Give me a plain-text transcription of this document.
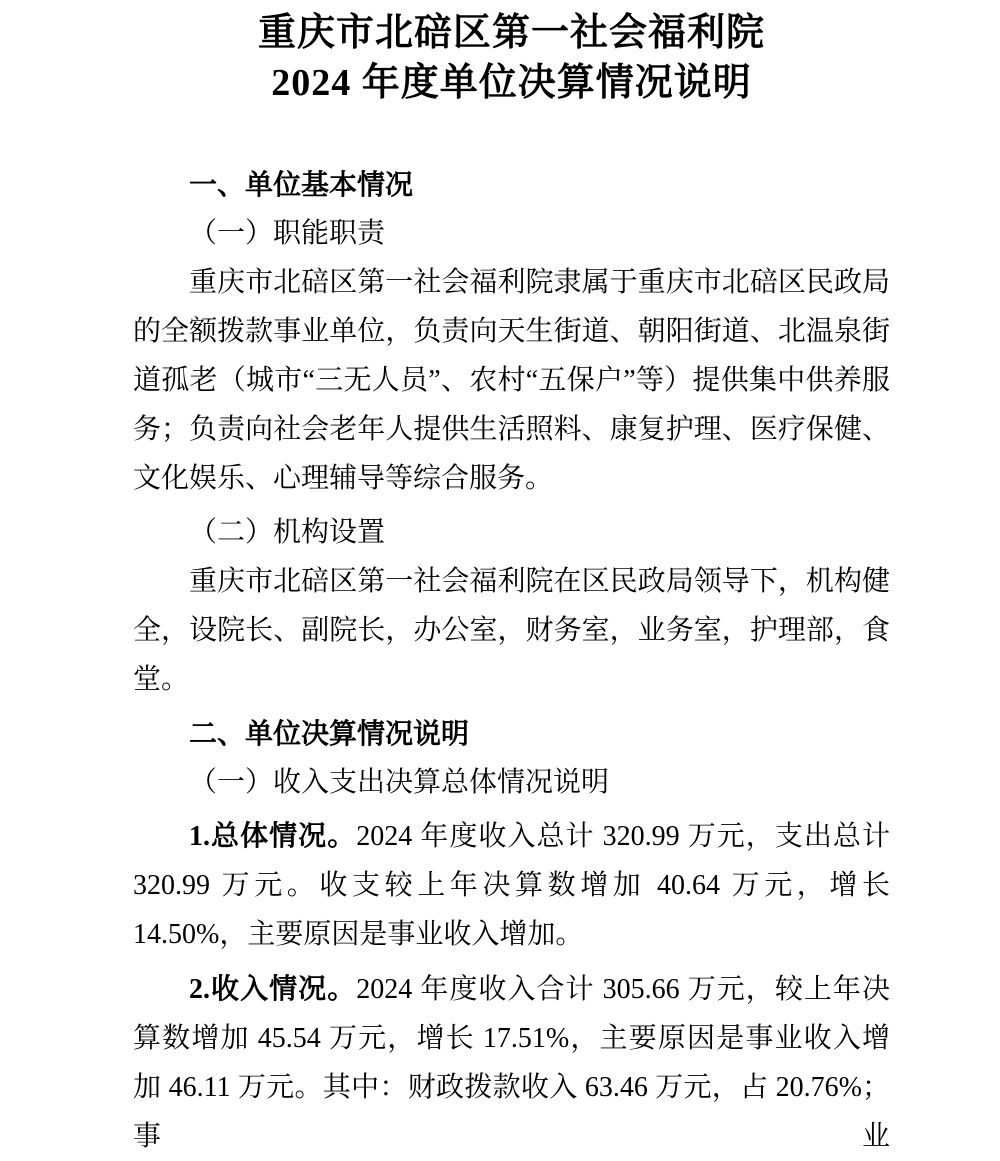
重庆市北碚区第一社会福利院
2024 年度单位决算情况说明
一、单位基本情况

（一）职能职责

重庆市北碚区第一社会福利院隶属于重庆市北碚区民政局的全额拨款事业单位，负责向天生街道、朝阳街道、北温泉街道孤老（城市“三无人员”、农村“五保户”等）提供集中供养服务；负责向社会老年人提供生活照料、康复护理、医疗保健、文化娱乐、心理辅导等综合服务。

（二）机构设置

重庆市北碚区第一社会福利院在区民政局领导下，机构健全，设院长、副院长，办公室，财务室，业务室，护理部，食堂。

二、单位决算情况说明

（一）收入支出决算总体情况说明

1.总体情况。2024 年度收入总计 320.99 万元，支出总计 320.99 万元。收支较上年决算数增加 40.64 万元，增长 14.50%，主要原因是事业收入增加。

2.收入情况。2024 年度收入合计 305.66 万元，较上年决算数增加 45.54 万元，增长 17.51%，主要原因是事业收入增加 46.11 万元。其中：财政拨款收入 63.46 万元，占 20.76%；事业
